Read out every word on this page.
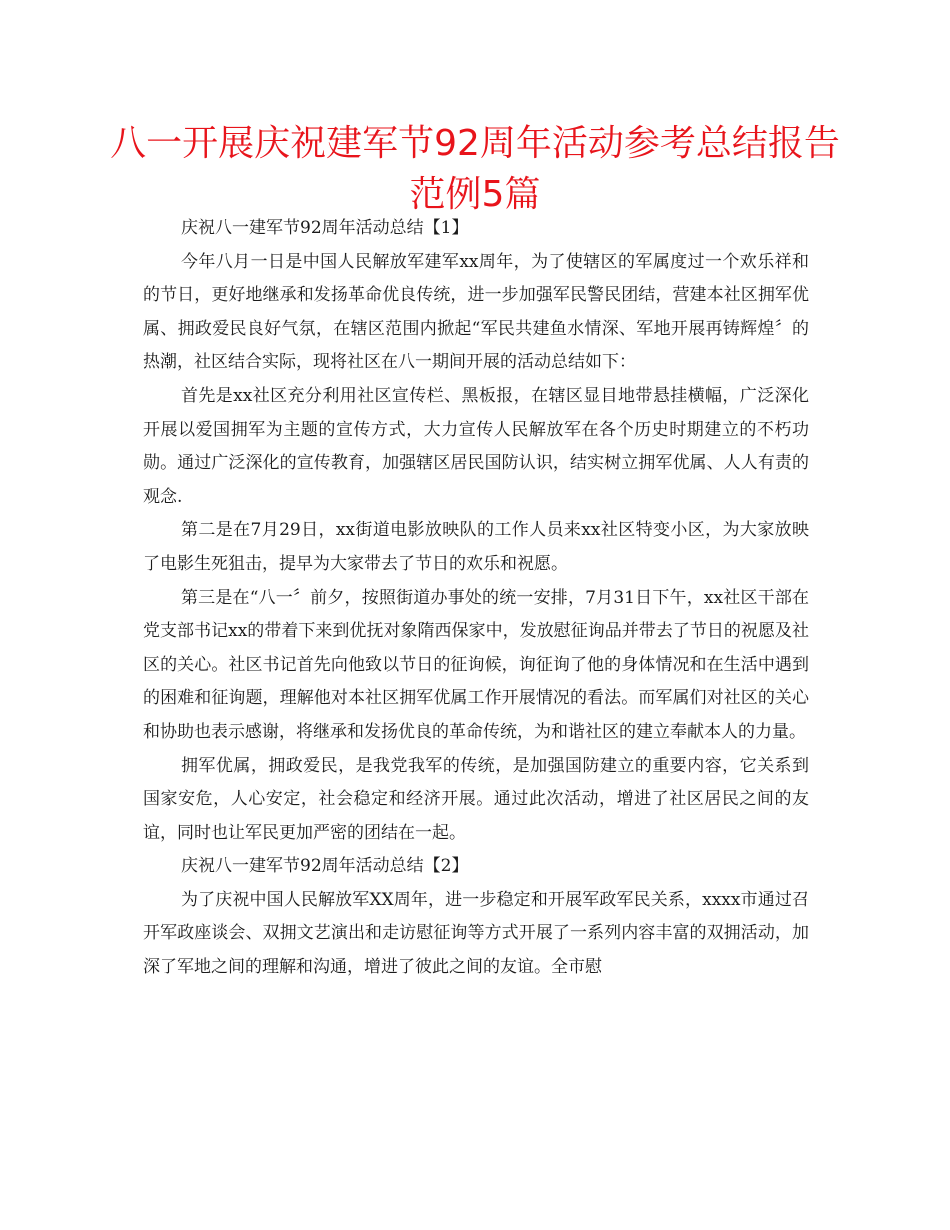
八一开展庆祝建军节92周年活动参考总结报告
范例5篇

庆祝八一建军节92周年活动总结【1】

今年八月一日是中国人民解放军建军xx周年，为了使辖区的军属度过一个欢乐祥和的节日，更好地继承和发扬革命优良传统，进一步加强军民警民团结，营建本社区拥军优属、拥政爱民良好气氛，在辖区范围内掀起“军民共建鱼水情深、军地开展再铸辉煌〞的热潮，社区结合实际，现将社区在八一期间开展的活动总结如下：

首先是xx社区充分利用社区宣传栏、黑板报，在辖区显目地带悬挂横幅，广泛深化开展以爱国拥军为主题的宣传方式，大力宣传人民解放军在各个历史时期建立的不朽功勋。通过广泛深化的宣传教育，加强辖区居民国防认识，结实树立拥军优属、人人有责的观念.

第二是在7月29日，xx街道电影放映队的工作人员来xx社区特变小区，为大家放映了电影生死狙击，提早为大家带去了节日的欢乐和祝愿。

第三是在“八一〞前夕，按照街道办事处的统一安排，7月31日下午，xx社区干部在党支部书记xx的带着下来到优抚对象隋西保家中，发放慰征询品并带去了节日的祝愿及社区的关心。社区书记首先向他致以节日的征询候，询征询了他的身体情况和在生活中遇到的困难和征询题，理解他对本社区拥军优属工作开展情况的看法。而军属们对社区的关心和协助也表示感谢，将继承和发扬优良的革命传统，为和谐社区的建立奉献本人的力量。

拥军优属，拥政爱民，是我党我军的传统，是加强国防建立的重要内容，它关系到国家安危，人心安定，社会稳定和经济开展。通过此次活动，增进了社区居民之间的友谊，同时也让军民更加严密的团结在一起。

庆祝八一建军节92周年活动总结【2】

为了庆祝中国人民解放军XX周年，进一步稳定和开展军政军民关系，xxxx市通过召开军政座谈会、双拥文艺演出和走访慰征询等方式开展了一系列内容丰富的双拥活动，加深了军地之间的理解和沟通，增进了彼此之间的友谊。全市慰
